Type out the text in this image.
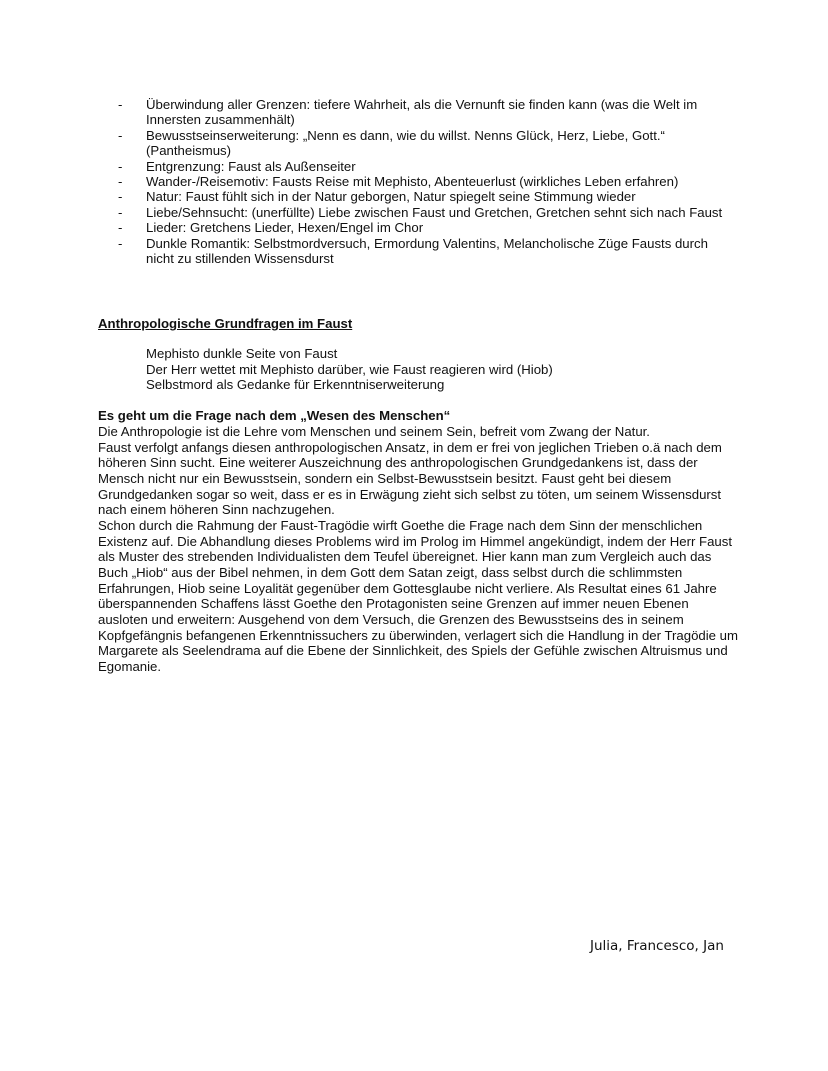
- Überwindung aller Grenzen: tiefere Wahrheit, als die Vernunft sie finden kann (was die Welt im Innersten zusammenhält)
- Bewusstseinserweiterung: „Nenn es dann, wie du willst. Nenns Glück, Herz, Liebe, Gott.“ (Pantheismus)
- Entgrenzung: Faust als Außenseiter
- Wander-/Reisemotiv: Fausts Reise mit Mephisto, Abenteuerlust (wirkliches Leben erfahren)
- Natur: Faust fühlt sich in der Natur geborgen, Natur spiegelt seine Stimmung wieder
- Liebe/Sehnsucht: (unerfüllte) Liebe zwischen Faust und Gretchen, Gretchen sehnt sich nach Faust
- Lieder: Gretchens Lieder, Hexen/Engel im Chor
- Dunkle Romantik: Selbstmordversuch, Ermordung Valentins, Melancholische Züge Fausts durch nicht zu stillenden Wissensdurst
Anthropologische Grundfragen im Faust
Mephisto dunkle Seite von Faust
Der Herr wettet mit Mephisto darüber, wie Faust reagieren wird (Hiob)
Selbstmord als Gedanke für Erkenntniserweiterung
Es geht um die Frage nach dem „Wesen des Menschen“

Die Anthropologie ist die Lehre vom Menschen und seinem Sein, befreit vom Zwang der Natur.

Faust verfolgt anfangs diesen anthropologischen Ansatz, in dem er frei von jeglichen Trieben o.ä nach dem höheren Sinn sucht. Eine weiterer Auszeichnung des anthropologischen Grundgedankens ist, dass der Mensch nicht nur ein Bewusstsein, sondern ein Selbst-Bewusstsein besitzt. Faust geht bei diesem Grundgedanken sogar so weit, dass er es in Erwägung zieht sich selbst zu töten, um seinem Wissensdurst nach einem höheren Sinn nachzugehen.

Schon durch die Rahmung der Faust-Tragödie wirft Goethe die Frage nach dem Sinn der menschlichen Existenz auf. Die Abhandlung dieses Problems wird im Prolog im Himmel angekündigt, indem der Herr Faust als Muster des strebenden Individualisten dem Teufel übereignet. Hier kann man zum Vergleich auch das Buch „Hiob“ aus der Bibel nehmen, in dem Gott dem Satan zeigt, dass selbst durch die schlimmsten Erfahrungen, Hiob seine Loyalität gegenüber dem Gottesglaube nicht verliere. Als Resultat eines 61 Jahre überspannenden Schaffens lässt Goethe den Protagonisten seine Grenzen auf immer neuen Ebenen ausloten und erweitern: Ausgehend von dem Versuch, die Grenzen des Bewusstseins des in seinem Kopfgefängnis befangenen Erkenntnissuchers zu überwinden, verlagert sich die Handlung in der Tragödie um Margarete als Seelendrama auf die Ebene der Sinnlichkeit, des Spiels der Gefühle zwischen Altruismus und Egomanie.

Julia, Francesco, Jan
